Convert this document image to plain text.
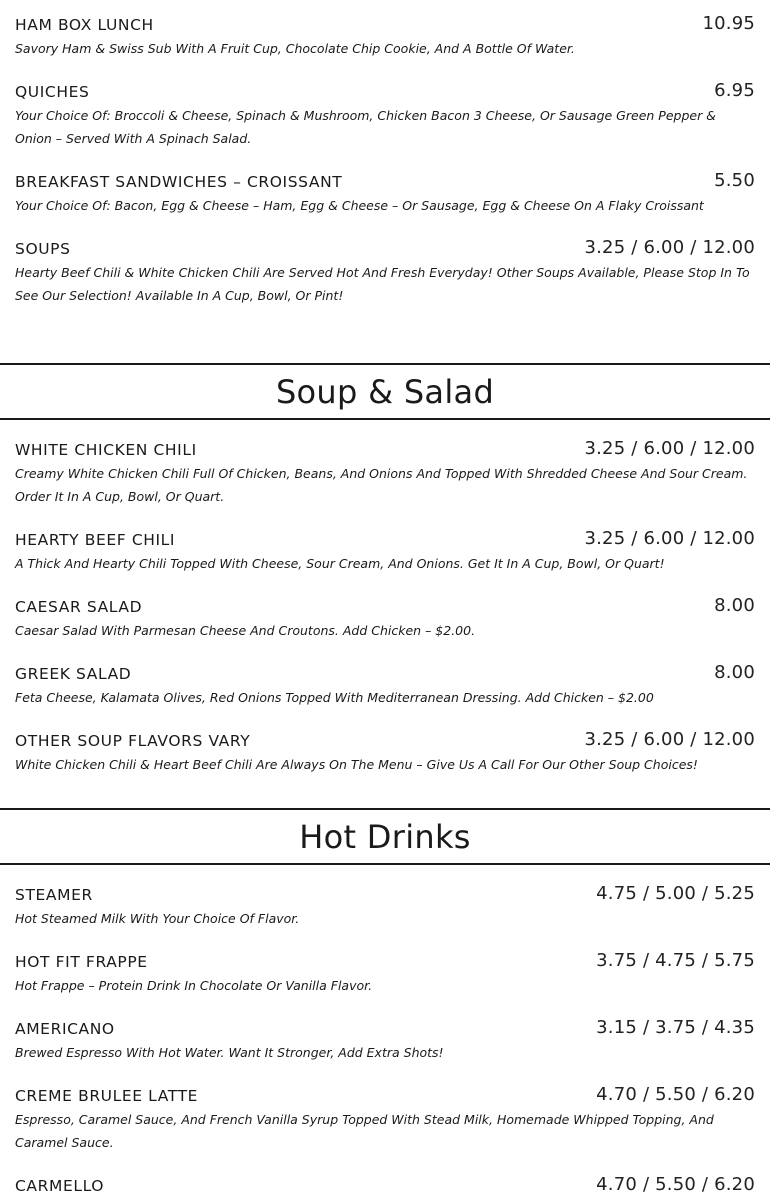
HAM BOX LUNCH	10.95
Savory Ham & Swiss Sub With A Fruit Cup, Chocolate Chip Cookie, And A Bottle Of Water.
QUICHES	6.95
Your Choice Of: Broccoli & Cheese, Spinach & Mushroom, Chicken Bacon 3 Cheese, Or Sausage Green Pepper & Onion – Served With A Spinach Salad.
BREAKFAST SANDWICHES – CROISSANT	5.50
Your Choice Of: Bacon, Egg & Cheese – Ham, Egg & Cheese – Or Sausage, Egg & Cheese On A Flaky Croissant
SOUPS	3.25 / 6.00 / 12.00
Hearty Beef Chili & White Chicken Chili Are Served Hot And Fresh Everyday! Other Soups Available, Please Stop In To See Our Selection! Available In A Cup, Bowl, Or Pint!
Soup & Salad
WHITE CHICKEN CHILI	3.25 / 6.00 / 12.00
Creamy White Chicken Chili Full Of Chicken, Beans, And Onions And Topped With Shredded Cheese And Sour Cream. Order It In A Cup, Bowl, Or Quart.
HEARTY BEEF CHILI	3.25 / 6.00 / 12.00
A Thick And Hearty Chili Topped With Cheese, Sour Cream, And Onions. Get It In A Cup, Bowl, Or Quart!
CAESAR SALAD	8.00
Caesar Salad With Parmesan Cheese And Croutons. Add Chicken – $2.00.
GREEK SALAD	8.00
Feta Cheese, Kalamata Olives, Red Onions Topped With Mediterranean Dressing. Add Chicken – $2.00
OTHER SOUP FLAVORS VARY	3.25 / 6.00 / 12.00
White Chicken Chili & Heart Beef Chili Are Always On The Menu – Give Us A Call For Our Other Soup Choices!
Hot Drinks
STEAMER	4.75 / 5.00 / 5.25
Hot Steamed Milk With Your Choice Of Flavor.
HOT FIT FRAPPE	3.75 / 4.75 / 5.75
Hot Frappe – Protein Drink In Chocolate Or Vanilla Flavor.
AMERICANO	3.15 / 3.75 / 4.35
Brewed Espresso With Hot Water. Want It Stronger, Add Extra Shots!
CREME BRULEE LATTE	4.70 / 5.50 / 6.20
Espresso, Caramel Sauce, And French Vanilla Syrup Topped With Stead Milk, Homemade Whipped Topping, And Caramel Sauce.
CARMELLO	4.70 / 5.50 / 6.20
